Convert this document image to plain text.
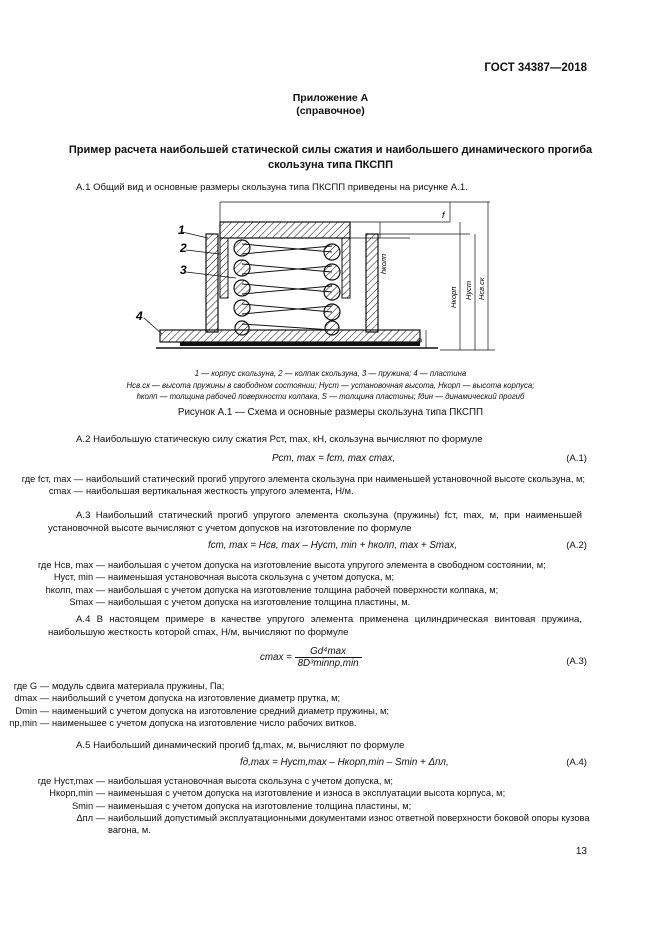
ГОСТ 34387—2018
Приложение А
(справочное)
Пример расчета наибольшей статической силы сжатия и наибольшего динамического прогиба скользуна типа ПКСПП
А.1 Общий вид и основные размеры скользуна типа ПКСПП приведены на рисунке А.1.
1
2
3
4
f
hколп
Hкорп Hуст Hсв.ск
s
1 — корпус скользуна, 2 — колпак скользуна, 3 — пружина; 4 — пластина
Hсв.ск — высота пружины в свободном состоянии; Hуст — установочная высота, Hкорп — высота корпуса;
hколп — толщина рабочей поверхности колпака, S — толщина пластины; fдин — динамический прогиб
Рисунок А.1 — Схема и основные размеры скользуна типа ПКСПП
А.2 Наибольшую статическую силу сжатия Pст, max, кН, скользуна вычисляют по формуле
Pст, max = fст, max cmax,	(А.1)
где fст, max — наибольший статический прогиб упругого элемента скользуна при наименьшей установочной высоте скользуна, м;
cmax — наибольшая вертикальная жесткость упругого элемента, Н/м.
А.3 Наибольший статический прогиб упругого элемента скользуна (пружины) fст, max, м, при наименьшей установочной высоте вычисляют с учетом допусков на изготовление по формуле
fст, max = Hсв, max – Hуст, min + hколп, max + Smax,	(А.2)
где Hсв, max — наибольшая с учетом допуска на изготовление высота упругого элемента в свободном состоянии, м;
Hуст, min — наименьшая установочная высота скользуна с учетом допуска, м;
hколп, max — наибольшая с учетом допуска на изготовление толщина рабочей поверхности колпака, м;
Smax — наибольшая с учетом допуска на изготовление толщина пластины, м.
А.4 В настоящем примере в качестве упругого элемента применена цилиндрическая винтовая пружина, наибольшую жесткость которой cmax, Н/м, вычисляют по формуле
$cmax = \frac{\text{Gd⁴max}}{\text{8D³minnр,min}}$	(А.3)
где G — модуль сдвига материала пружины, Па;
dmax — наибольший с учетом допуска на изготовление диаметр прутка, м;
Dmin — наименьший с учетом допуска на изготовление средний диаметр пружины, м;
nр,min — наименьшее с учетом допуска на изготовление число рабочих витков.
А.5 Наибольший динамический прогиб fд,max, м, вычисляют по формуле
fд,max = Hуст,max – Hкорп,min – Smin + Δпл,	(А.4)
где Hуст,max — наибольшая установочная высота скользуна с учетом допуска, м;
Hкорп,min — наименьшая с учетом допуска на изготовление и износа в эксплуатации высота корпуса, м;
Smin — наименьшая с учетом допуска на изготовление толщина пластины, м;
Δпл — наибольший допустимый эксплуатационными документами износ ответной поверхности боковой опоры кузова вагона, м.
13
